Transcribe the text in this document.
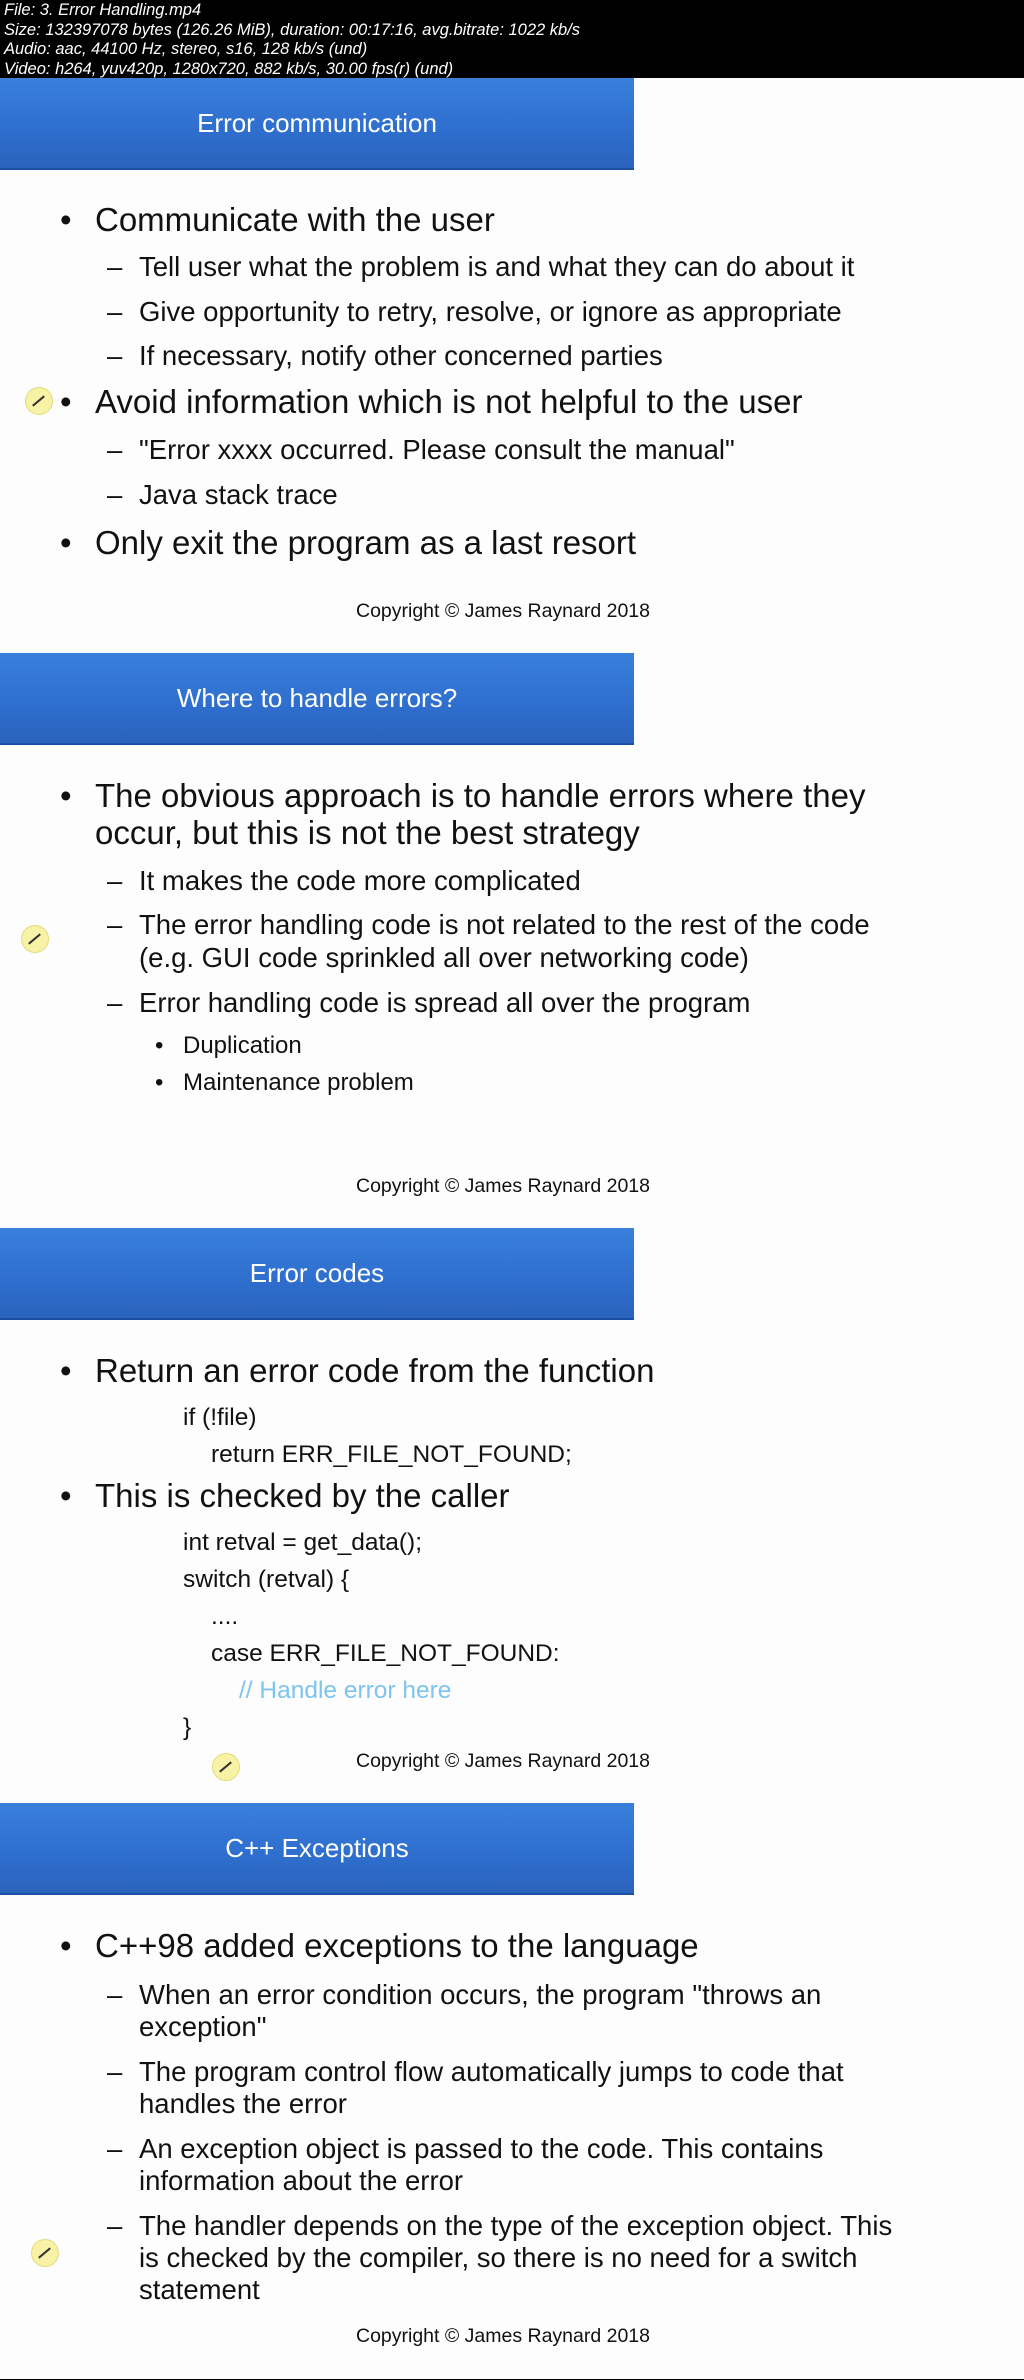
File: 3. Error Handling.mp4
Size: 132397078 bytes (126.26 MiB), duration: 00:17:16, avg.bitrate: 1022 kb/s
Audio: aac, 44100 Hz, stereo, s16, 128 kb/s (und)
Video: h264, yuv420p, 1280x720, 882 kb/s, 30.00 fps(r) (und)
Error communication
• Communicate with the user
– Tell user what the problem is and what they can do about it
– Give opportunity to retry, resolve, or ignore as appropriate
– If necessary, notify other concerned parties
• Avoid information which is not helpful to the user
– "Error xxxx occurred. Please consult the manual"
– Java stack trace
• Only exit the program as a last resort
Copyright © James Raynard 2018
Where to handle errors?
• The obvious approach is to handle errors where they
occur, but this is not the best strategy
– It makes the code more complicated
– The error handling code is not related to the rest of the code
(e.g. GUI code sprinkled all over networking code)
– Error handling code is spread all over the program
• Duplication
• Maintenance problem
Copyright © James Raynard 2018
Error codes
• Return an error code from the function
if (!file)
return ERR_FILE_NOT_FOUND;
• This is checked by the caller
int retval = get_data();
switch (retval) {
....
case ERR_FILE_NOT_FOUND:
// Handle error here
}
Copyright © James Raynard 2018
C++ Exceptions
• C++98 added exceptions to the language
– When an error condition occurs, the program "throws an
exception"
– The program control flow automatically jumps to code that
handles the error
– An exception object is passed to the code. This contains
information about the error
– The handler depends on the type of the exception object. This
is checked by the compiler, so there is no need for a switch
statement
Copyright © James Raynard 2018
